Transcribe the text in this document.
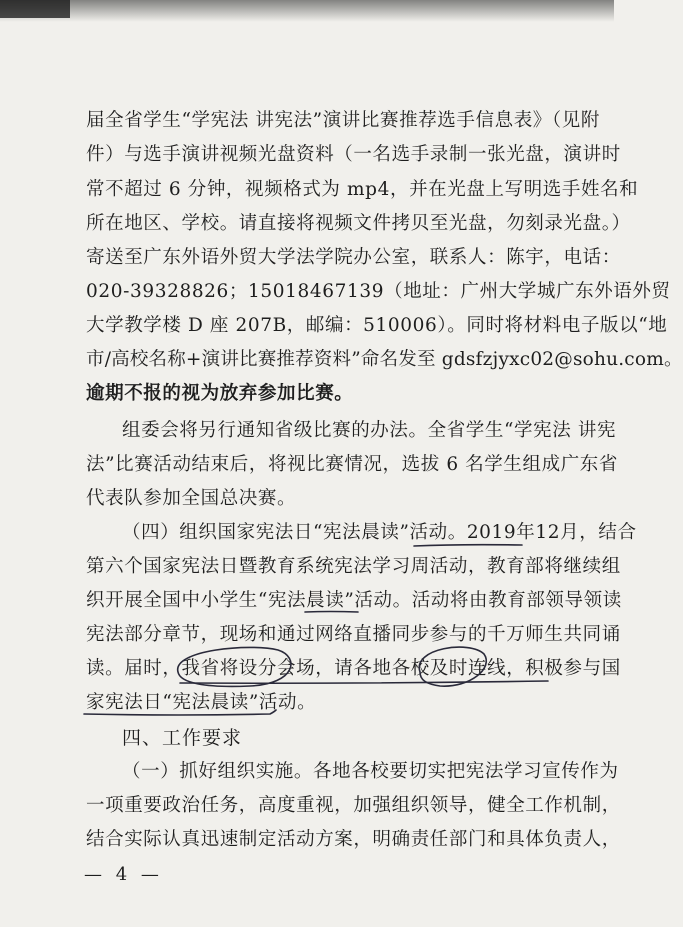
届全省学生“学宪法 讲宪法”演讲比赛推荐选手信息表》（见附
件）与选手演讲视频光盘资料（一名选手录制一张光盘，演讲时
常不超过 6 分钟，视频格式为 mp4，并在光盘上写明选手姓名和
所在地区、学校。请直接将视频文件拷贝至光盘，勿刻录光盘。）
寄送至广东外语外贸大学法学院办公室，联系人：陈宇，电话：
020-39328826；15018467139（地址：广州大学城广东外语外贸
大学教学楼 D 座 207B，邮编：510006）。同时将材料电子版以“地
市/高校名称+演讲比赛推荐资料”命名发至 gdsfzjyxc02@sohu.com。
逾期不报的视为放弃参加比赛。
组委会将另行通知省级比赛的办法。全省学生“学宪法 讲宪
法”比赛活动结束后，将视比赛情况，选拔 6 名学生组成广东省
代表队参加全国总决赛。
（四）组织国家宪法日“宪法晨读”活动。2019年12月，结合
第六个国家宪法日暨教育系统宪法学习周活动，教育部将继续组
织开展全国中小学生“宪法晨读”活动。活动将由教育部领导领读
宪法部分章节，现场和通过网络直播同步参与的千万师生共同诵
读。届时，我省将设分会场，请各地各校及时连线，积极参与国
家宪法日“宪法晨读”活动。
四、工作要求
（一）抓好组织实施。各地各校要切实把宪法学习宣传作为
一项重要政治任务，高度重视，加强组织领导，健全工作机制，
— 4 —
结合实际认真迅速制定活动方案，明确责任部门和具体负责人，
